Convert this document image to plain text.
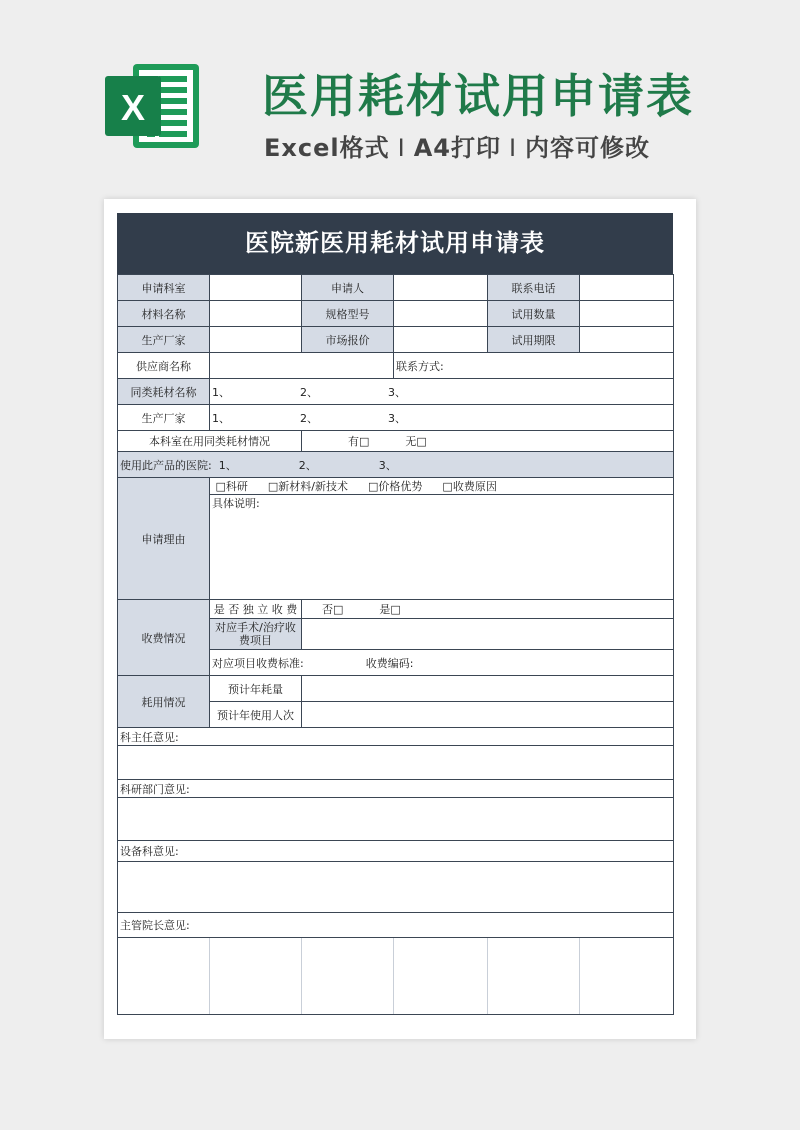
X	医用耗材试用申请表
Excel格式 I A4打印 I 内容可修改
医院新医用耗材试用申请表
申请科室		申请人		联系电话	
材料名称		规格型号		试用数量	
生产厂家		市场报价		试用期限	
供应商名称			联系方式:		
同类耗材名称	1、 2、 3、				
生产厂家	1、 2、 3、				
本科室在用同类耗材情况		有□ 无□			
使用此产品的医院: 1、 2、 3、					
申请理由	□科研 □新材料/新技术 □价格优势 □收费原因				
	具体说明:				
收费情况	是 否 独 立 收 费	否□ 是□			
	对应手术/治疗收费项目				
	对应项目收费标准: 收费编码:				
耗用情况	预计年耗量				
	预计年使用人次				
科主任意见:					

科研部门意见:					

设备科意见:					

主管院长意见:					
